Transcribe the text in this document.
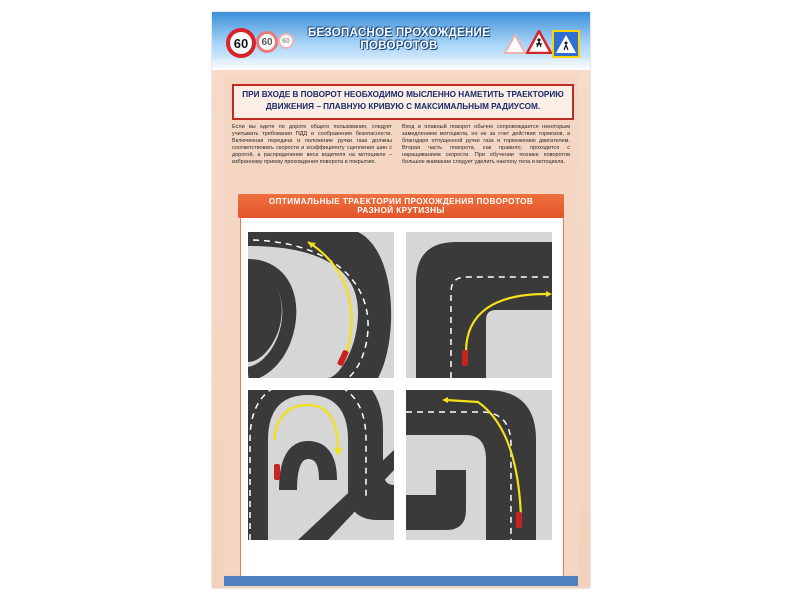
60 60 60
БЕЗОПАСНОЕ ПРОХОЖДЕНИЕ
ПОВОРОТОВ
ПРИ ВХОДЕ В ПОВОРОТ НЕОБХОДИМО МЫСЛЕННО НАМЕТИТЬ ТРАЕКТОРИЮ
ДВИЖЕНИЯ – ПЛАВНУЮ КРИВУЮ С МАКСИМАЛЬНЫМ РАДИУСОМ.
Если вы едете по дороге общего пользования, следует учитывать требования ПДД и соображения безопасности. Включенная передача и положение ручки газа должны соответствовать скорости и коэффициенту сцепления шин с дорогой, а распределение веса водителя на мотоцикле – избранному приему прохождения поворота и покрытию.
Вход в плавный поворот обычно сопровождается некоторым замедлением мотоцикла, но не за счет действия тормозов, а благодаря отпущенной ручке газа и торможению двигателем. Вторая часть поворота, как правило, проходится с наращиванием скорости. При обучении технике поворотов большое внимание следует уделить наклону тела и мотоцикла.
ОПТИМАЛЬНЫЕ ТРАЕКТОРИИ ПРОХОЖДЕНИЯ ПОВОРОТОВ
РАЗНОЙ КРУТИЗНЫ
